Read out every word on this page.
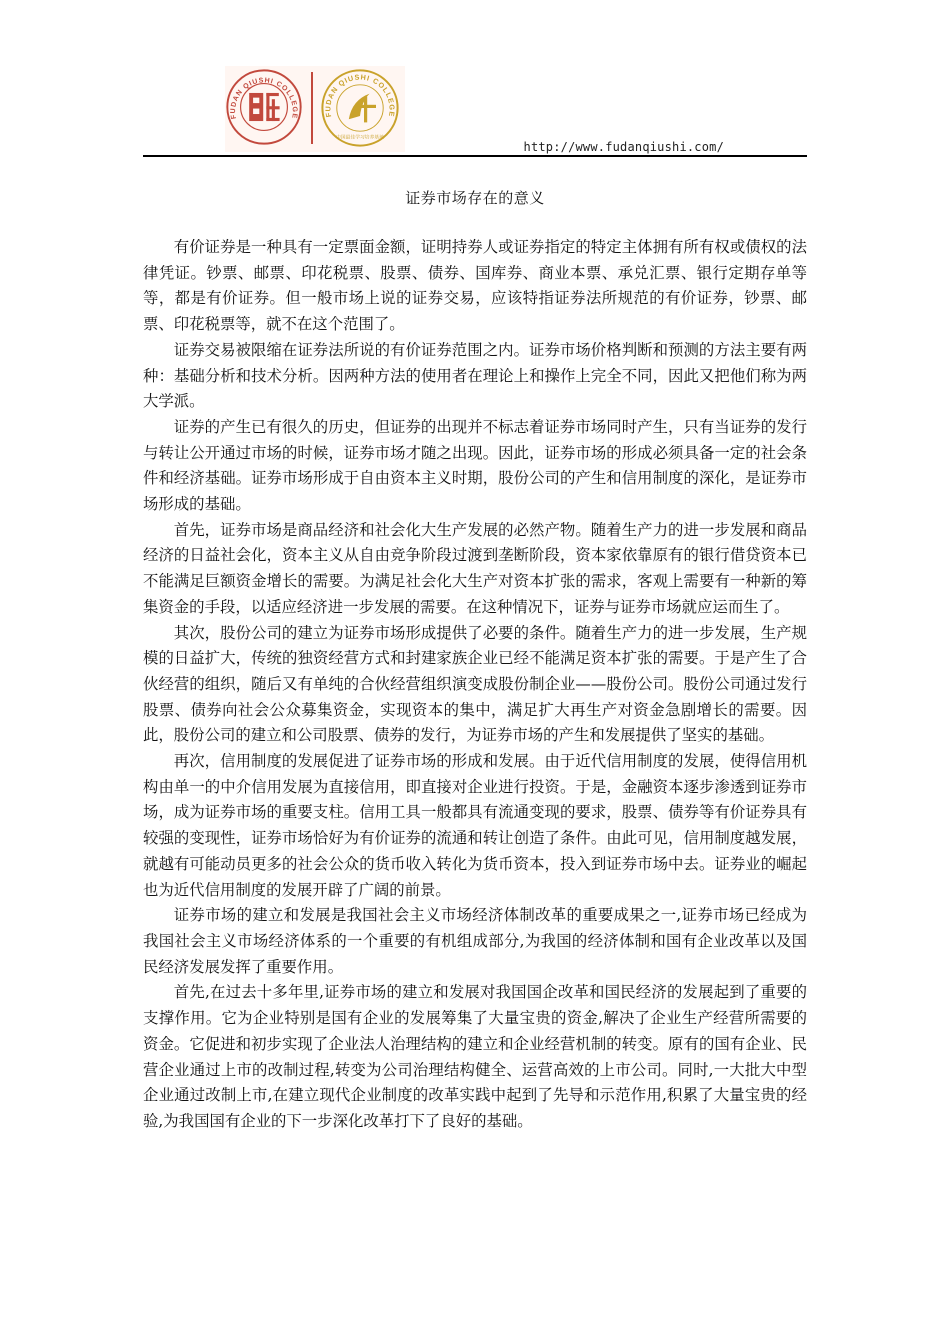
FUDAN QIUSHI COLLEGE	FUDAN QIUSHI COLLEGE
中国最佳学习培养基地
http://www.fudanqiushi.com/
证券市场存在的意义

有价证券是一种具有一定票面金额，证明持券人或证券指定的特定主体拥有所有权或债权的法律凭证。钞票、邮票、印花税票、股票、债券、国库券、商业本票、承兑汇票、银行定期存单等等，都是有价证券。但一般市场上说的证券交易，应该特指证券法所规范的有价证券，钞票、邮票、印花税票等，就不在这个范围了。

证券交易被限缩在证券法所说的有价证券范围之内。证券市场价格判断和预测的方法主要有两种：基础分析和技术分析。因两种方法的使用者在理论上和操作上完全不同，因此又把他们称为两大学派。

证券的产生已有很久的历史，但证券的出现并不标志着证券市场同时产生，只有当证券的发行与转让公开通过市场的时候，证券市场才随之出现。因此，证券市场的形成必须具备一定的社会条件和经济基础。证券市场形成于自由资本主义时期，股份公司的产生和信用制度的深化，是证券市场形成的基础。

首先，证券市场是商品经济和社会化大生产发展的必然产物。随着生产力的进一步发展和商品经济的日益社会化，资本主义从自由竞争阶段过渡到垄断阶段，资本家依靠原有的银行借贷资本已不能满足巨额资金增长的需要。为满足社会化大生产对资本扩张的需求，客观上需要有一种新的筹集资金的手段，以适应经济进一步发展的需要。在这种情况下，证券与证券市场就应运而生了。

其次，股份公司的建立为证券市场形成提供了必要的条件。随着生产力的进一步发展，生产规模的日益扩大，传统的独资经营方式和封建家族企业已经不能满足资本扩张的需要。于是产生了合伙经营的组织，随后又有单纯的合伙经营组织演变成股份制企业——股份公司。股份公司通过发行股票、债券向社会公众募集资金，实现资本的集中，满足扩大再生产对资金急剧增长的需要。因此，股份公司的建立和公司股票、债券的发行，为证券市场的产生和发展提供了坚实的基础。

再次，信用制度的发展促进了证券市场的形成和发展。由于近代信用制度的发展，使得信用机构由单一的中介信用发展为直接信用，即直接对企业进行投资。于是，金融资本逐步渗透到证券市场，成为证券市场的重要支柱。信用工具一般都具有流通变现的要求，股票、债券等有价证券具有较强的变现性，证券市场恰好为有价证券的流通和转让创造了条件。由此可见，信用制度越发展，就越有可能动员更多的社会公众的货币收入转化为货币资本，投入到证券市场中去。证券业的崛起也为近代信用制度的发展开辟了广阔的前景。

证券市场的建立和发展是我国社会主义市场经济体制改革的重要成果之一,证券市场已经成为我国社会主义市场经济体系的一个重要的有机组成部分,为我国的经济体制和国有企业改革以及国民经济发展发挥了重要作用。

首先,在过去十多年里,证券市场的建立和发展对我国国企改革和国民经济的发展起到了重要的支撑作用。它为企业特别是国有企业的发展筹集了大量宝贵的资金,解决了企业生产经营所需要的资金。它促进和初步实现了企业法人治理结构的建立和企业经营机制的转变。原有的国有企业、民营企业通过上市的改制过程,转变为公司治理结构健全、运营高效的上市公司。同时,一大批大中型企业通过改制上市,在建立现代企业制度的改革实践中起到了先导和示范作用,积累了大量宝贵的经验,为我国国有企业的下一步深化改革打下了良好的基础。
